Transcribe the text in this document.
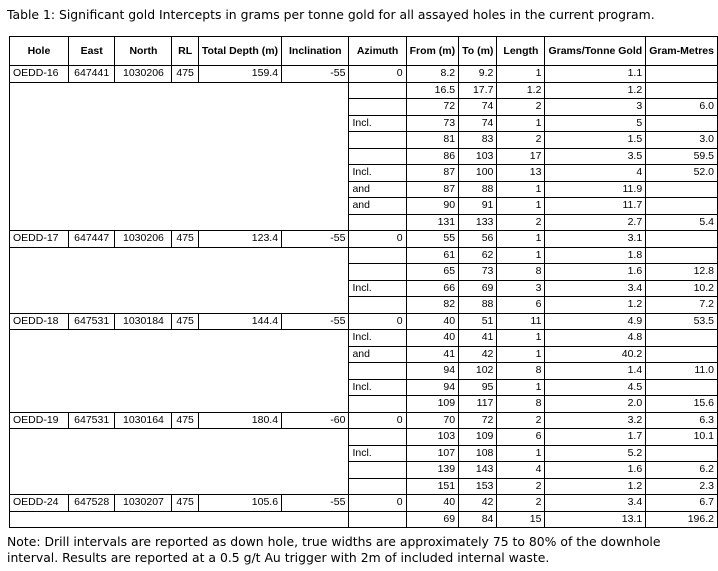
Table 1: Significant gold Intercepts in grams per tonne gold for all assayed holes in the current program.
Hole	East	North	RL	Total Depth (m)	Inclination	Azimuth	From (m)	To (m)	Length	Grams/Tonne Gold	Gram-Metres
OEDD-16	647441	1030206	475	159.4	-55	0	8.2	9.2	1	1.1	
							16.5	17.7	1.2	1.2	
							72	74	2	3	6.0
						Incl.	73	74	1	5	
							81	83	2	1.5	3.0
							86	103	17	3.5	59.5
						Incl.	87	100	13	4	52.0
						and	87	88	1	11.9	
						and	90	91	1	11.7	
							131	133	2	2.7	5.4
OEDD-17	647447	1030206	475	123.4	-55	0	55	56	1	3.1	
							61	62	1	1.8	
							65	73	8	1.6	12.8
						Incl.	66	69	3	3.4	10.2
							82	88	6	1.2	7.2
OEDD-18	647531	1030184	475	144.4	-55	0	40	51	11	4.9	53.5
						Incl.	40	41	1	4.8	
						and	41	42	1	40.2	
							94	102	8	1.4	11.0
						Incl.	94	95	1	4.5	
							109	117	8	2.0	15.6
OEDD-19	647531	1030164	475	180.4	-60	0	70	72	2	3.2	6.3
							103	109	6	1.7	10.1
						Incl.	107	108	1	5.2	
							139	143	4	1.6	6.2
							151	153	2	1.2	2.3
OEDD-24	647528	1030207	475	105.6	-55	0	40	42	2	3.4	6.7
							69	84	15	13.1	196.2
Note: Drill intervals are reported as down hole, true widths are approximately 75 to 80% of the downhole interval. Results are reported at a 0.5 g/t Au trigger with 2m of included internal waste.
